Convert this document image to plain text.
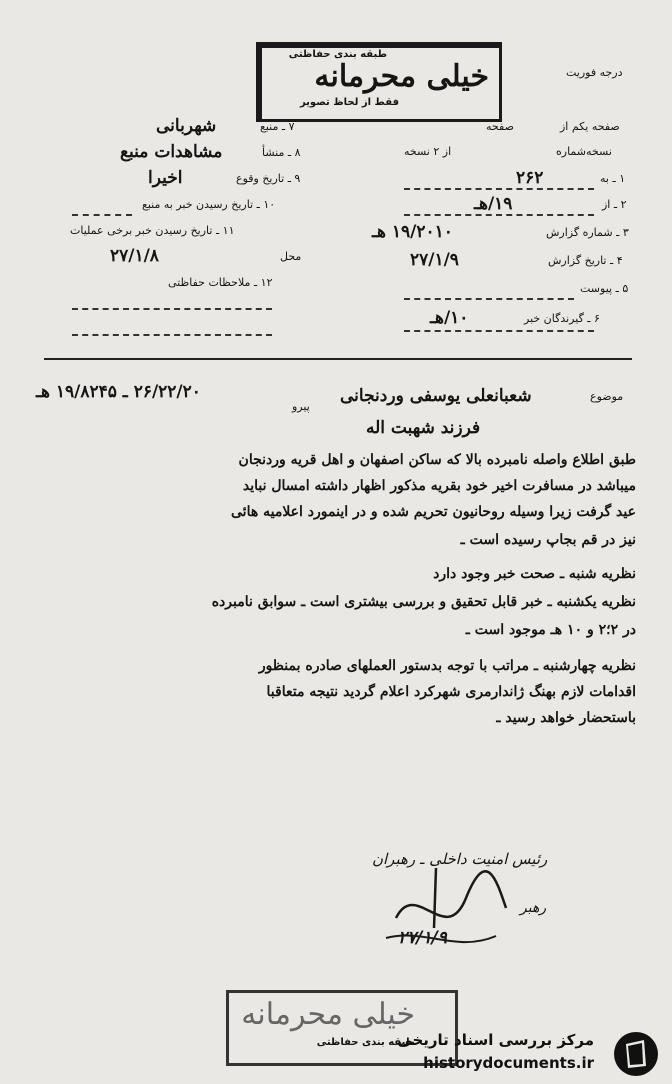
طبقه بندی حفاظتی
خیلی محرمانه
فقط از لحاظ تصویر
درجه فوریت
صفحه یکم از
صفحه
نسخه‌شماره
از ۲ نسخه
۱ ـ به
۲۶۲
۲ ـ از
۱۹/هـ
۳ ـ شماره گزارش
۱۹/۲۰۱۰ هـ
۴ ـ تاریخ گزارش
۲۷/۱/۹
۵ ـ پیوست
۶ ـ گیرندگان خبر
۱۰/هـ
۷ ـ منبع
شهربانی
۸ ـ منشأ
مشاهدات منبع
۹ ـ تاریخ وقوع
اخیرا
۱۰ ـ تاریخ رسیدن خبر به منبع
۱۱ ـ تاریخ رسیدن خبر برخی عملیات
محل
۲۷/۱/۸
۱۲ ـ ملاحظات حفاظتی
موضوع
شعبانعلی یوسفی وردنجانی
پیرو
۲۶/۲۲/۲۰ ـ ۱۹/۸۲۴۵ هـ
فرزند شهبت اله
طبق اطلاع واصله نامبرده بالا که ساکن اصفهان و اهل قریه وردنجان
میباشد در مسافرت اخیر خود بقریه مذکور اظهار داشته امسال نباید
عید گرفت زیرا وسیله روحانیون تحریم شده و در اینمورد اعلامیه هائی
نیز در قم بجاپ رسیده است ـ
نظریه شنبه ـ صحت خبر وجود دارد
نظریه یکشنبه ـ خبر قابل تحقیق و بررسی بیشتری است ـ سوابق نامبرده
در ۲؛۲ و ۱۰ هـ موجود است ـ
نظریه چهارشنبه ـ مراتب با توجه بدستور العملهای صادره بمنظور
اقدامات لازم بهنگ ژاندارمری شهرکرد اعلام گردید نتیجه متعاقبا
باستحضار خواهد رسید ـ
رئیس امنیت داخلی ـ رهبران
رهبر
۲۷/۱/۹
خیلی محرمانه
طبقه بندی حفاظتی
مرکز بررسی اسناد تاریخی
historydocuments.ir
